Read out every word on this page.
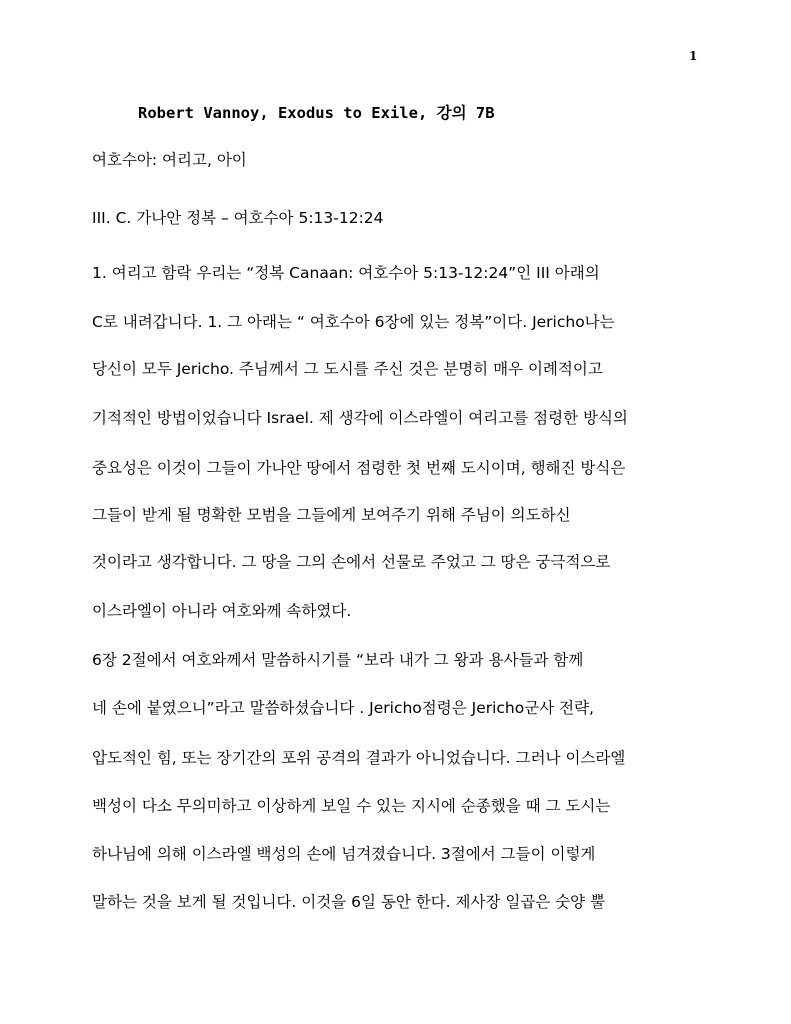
1
Robert Vannoy, Exodus to Exile, 강의 7B
여호수아: 여리고, 아이
III. C. 가나안 정복 – 여호수아 5:13-12:24
1. 여리고 함락 우리는 “정복 Canaan: 여호수아 5:13-12:24”인 III 아래의
C로 내려갑니다. 1. 그 아래는 “ 여호수아 6장에 있는 정복”이다. Jericho나는
당신이 모두 Jericho. 주님께서 그 도시를 주신 것은 분명히 매우 이례적이고
기적적인 방법이었습니다 Israel. 제 생각에 이스라엘이 여리고를 점령한 방식의
중요성은 이것이 그들이 가나안 땅에서 점령한 첫 번째 도시이며, 행해진 방식은
그들이 받게 될 명확한 모범을 그들에게 보여주기 위해 주님이 의도하신
것이라고 생각합니다. 그 땅을 그의 손에서 선물로 주었고 그 땅은 궁극적으로
이스라엘이 아니라 여호와께 속하였다.
6장 2절에서 여호와께서 말씀하시기를 “보라 내가 그 왕과 용사들과 함께
네 손에 붙였으니”라고 말씀하셨습니다 . Jericho점령은 Jericho군사 전략,
압도적인 힘, 또는 장기간의 포위 공격의 결과가 아니었습니다. 그러나 이스라엘
백성이 다소 무의미하고 이상하게 보일 수 있는 지시에 순종했을 때 그 도시는
하나님에 의해 이스라엘 백성의 손에 넘겨졌습니다. 3절에서 그들이 이렇게
말하는 것을 보게 될 것입니다. 이것을 6일 동안 한다. 제사장 일곱은 숫양 뿔
